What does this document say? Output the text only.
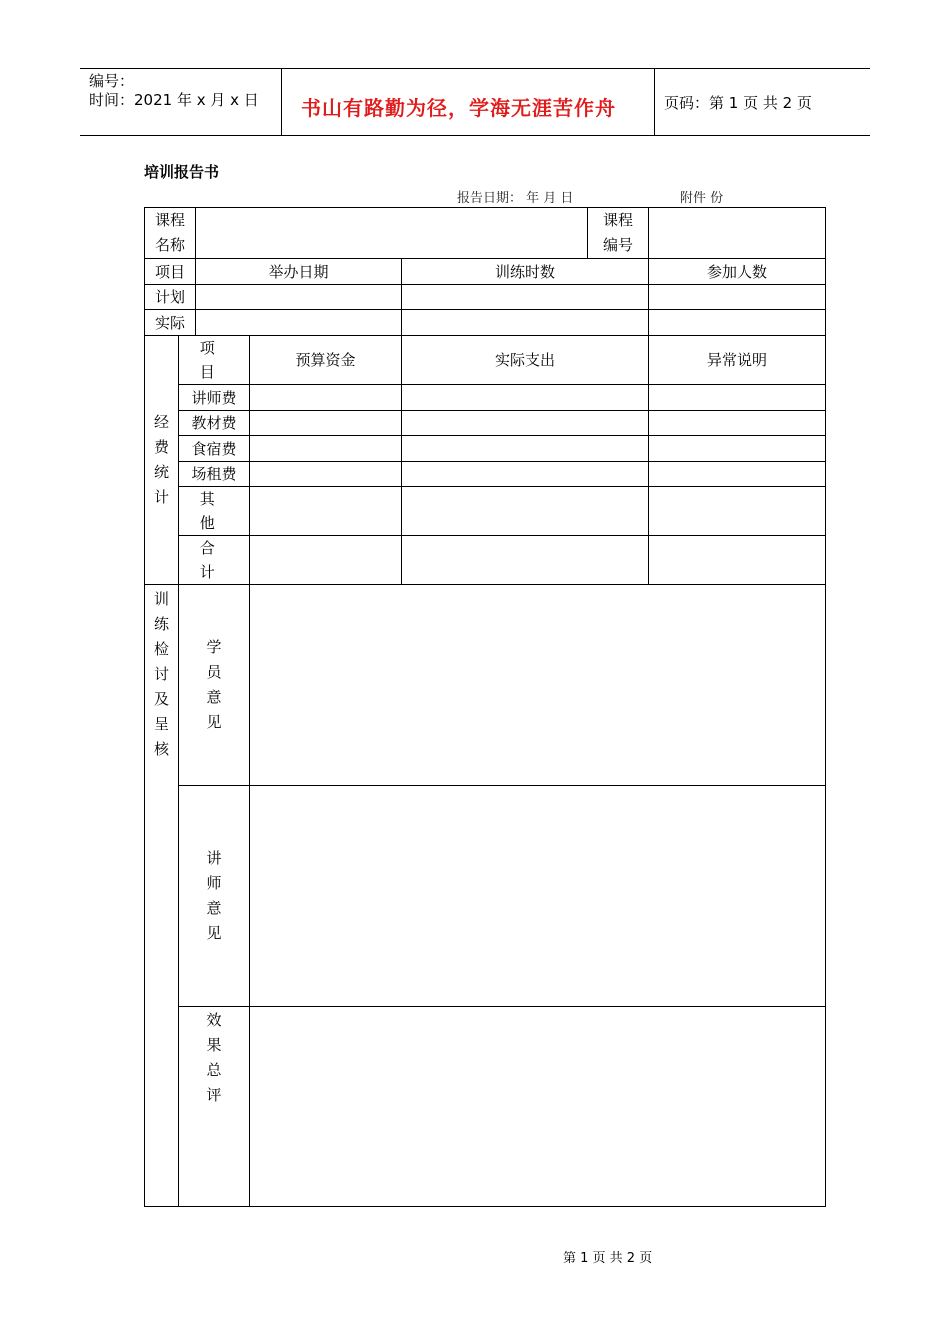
编号：
时间：2021 年 x 月 x 日 书山有路勤为径，学海无涯苦作舟	页码：第 1 页 共 2 页
培训报告书
报告日期： 年 月 日	附件 份
课程名称					课程编号	
项目		举办日期		训练时数		参加人数
计划						
实际						
经费统计	项 目		预算资金	实际支出		异常说明
	讲师费					
	教材费					
	食宿费					
	场租费					
	其 他					
	合 计					
训练检讨及呈核	学员意见					
	讲师意见					
	效果总评					
第 1 页 共 2 页
